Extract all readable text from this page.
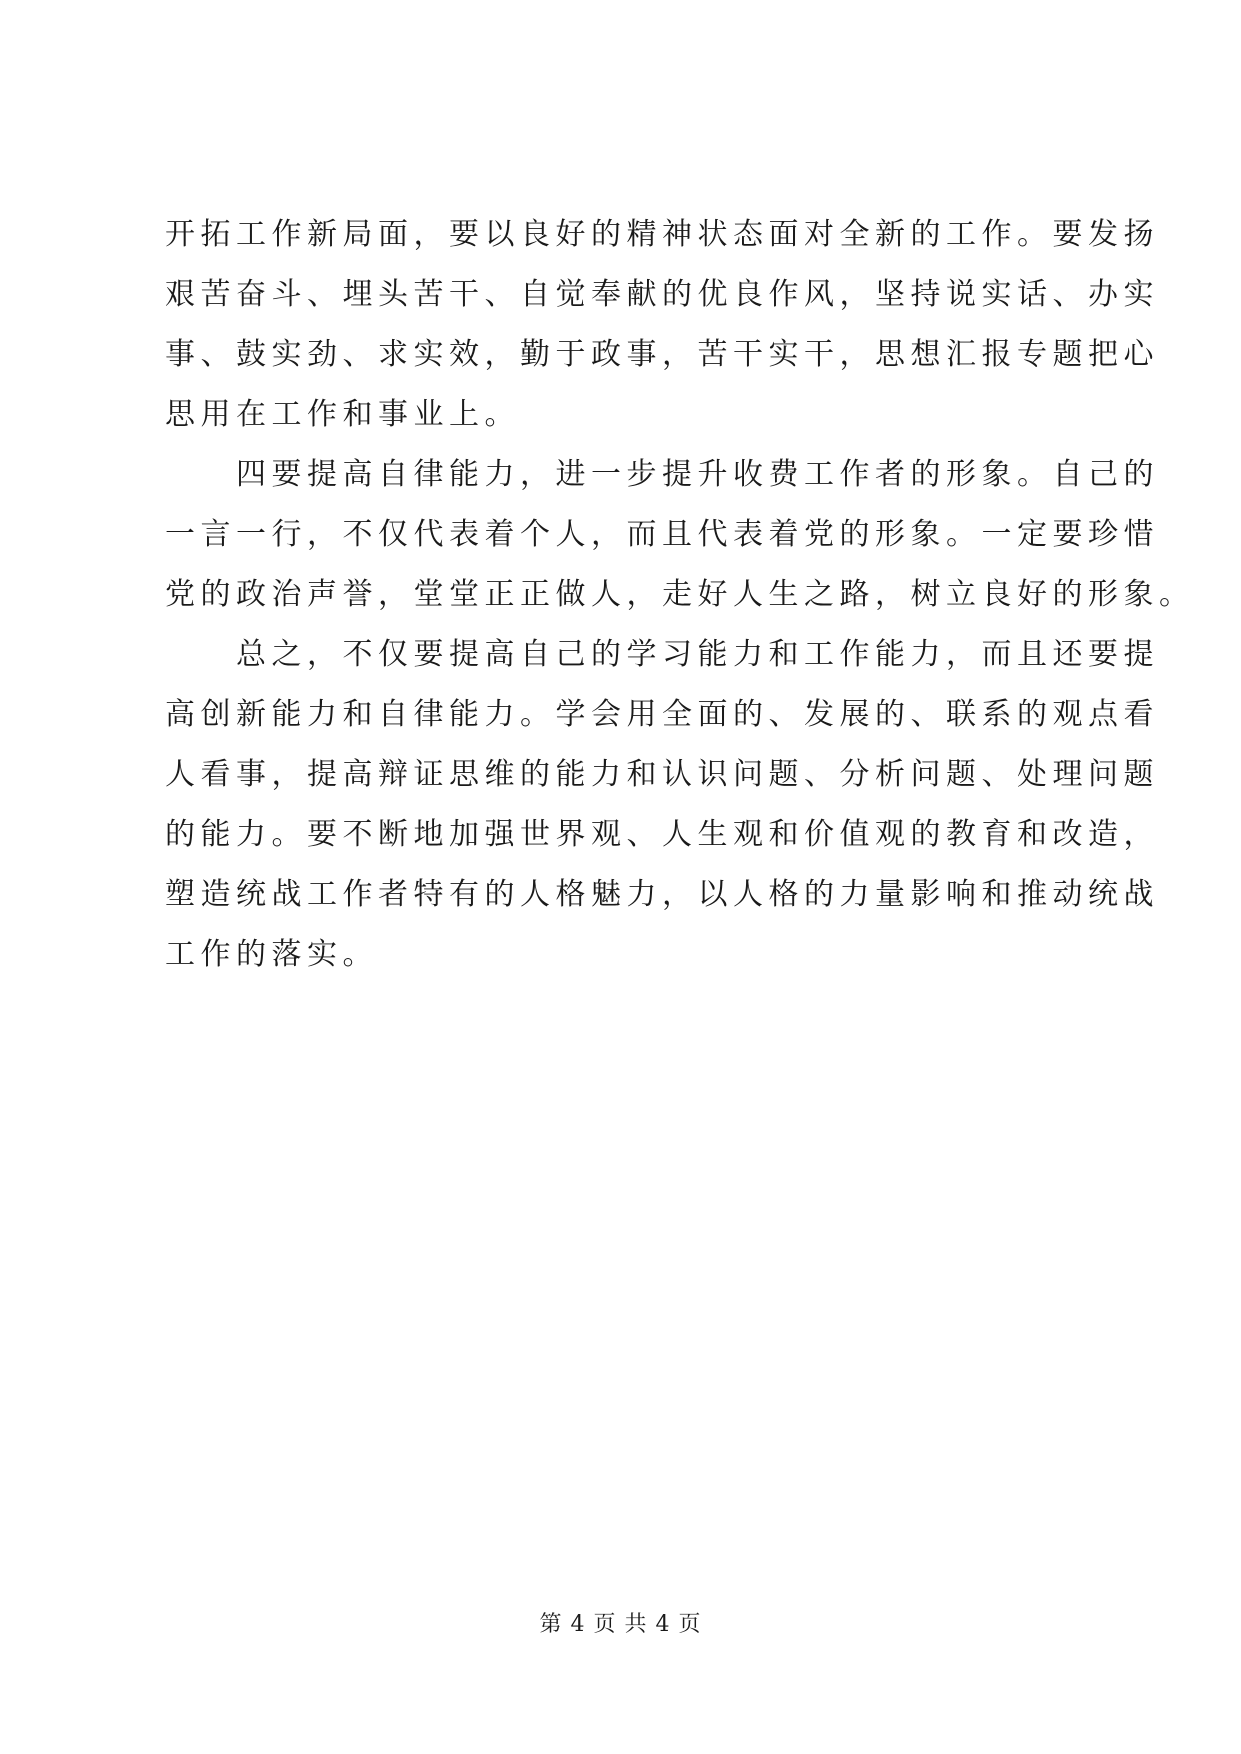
开拓工作新局面，要以良好的精神状态面对全新的工作。要发扬
艰苦奋斗、埋头苦干、自觉奉献的优良作风，坚持说实话、办实
事、鼓实劲、求实效，勤于政事，苦干实干，思想汇报专题把心
思用在工作和事业上。
　　四要提高自律能力，进一步提升收费工作者的形象。自己的
一言一行，不仅代表着个人，而且代表着党的形象。一定要珍惜
党的政治声誉，堂堂正正做人，走好人生之路，树立良好的形象。
　　总之，不仅要提高自己的学习能力和工作能力，而且还要提
高创新能力和自律能力。学会用全面的、发展的、联系的观点看
人看事，提高辩证思维的能力和认识问题、分析问题、处理问题
的能力。要不断地加强世界观、人生观和价值观的教育和改造，
塑造统战工作者特有的人格魅力，以人格的力量影响和推动统战
工作的落实。
第 4 页 共 4 页
